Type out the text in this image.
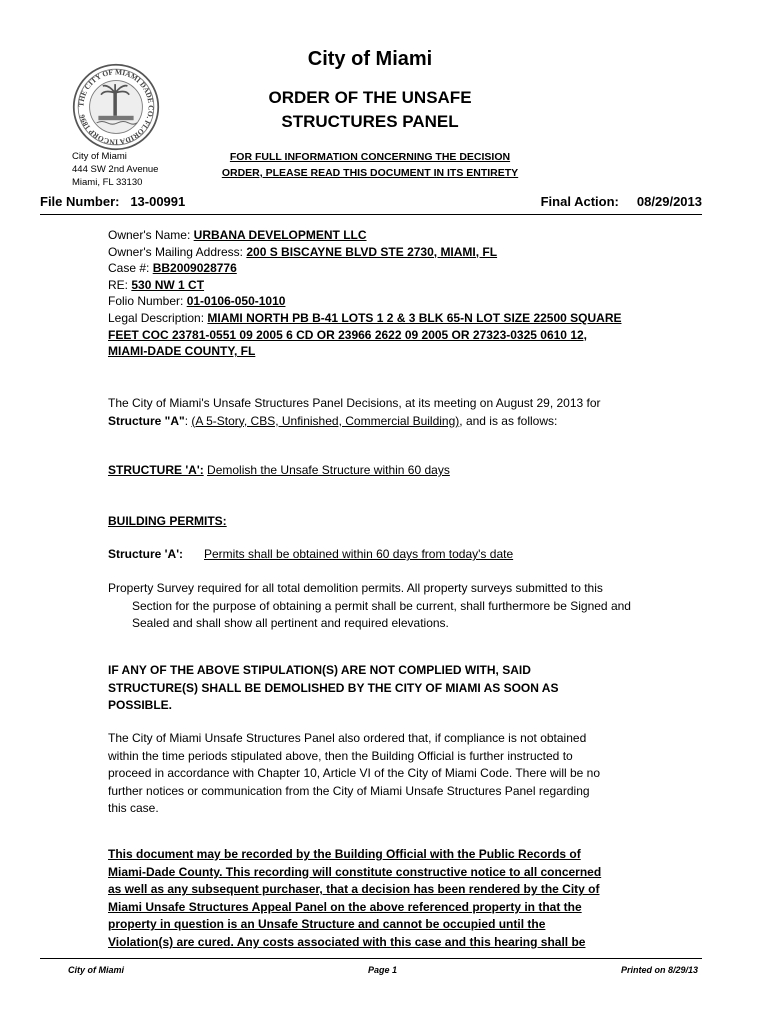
THE CITY OF MIAMI DADE CO. FLORIDA INCORP 1896
City of Miami
ORDER OF THE UNSAFE
STRUCTURES PANEL
City of Miami
444 SW 2nd Avenue
Miami, FL 33130
FOR FULL INFORMATION CONCERNING THE DECISION
ORDER, PLEASE READ THIS DOCUMENT IN ITS ENTIRETY
File Number: 13-00991	Final Action: 08/29/2013
Owner's Name: URBANA DEVELOPMENT LLC
Owner's Mailing Address: 200 S BISCAYNE BLVD STE 2730, MIAMI, FL
Case #: BB2009028776
RE: 530 NW 1 CT
Folio Number: 01-0106-050-1010
Legal Description: MIAMI NORTH PB B-41 LOTS 1 2 & 3 BLK 65-N LOT SIZE 22500 SQUARE
FEET COC 23781-0551 09 2005 6 CD OR 23966 2622 09 2005 OR 27323-0325 0610 12,
MIAMI-DADE COUNTY, FL
The City of Miami's Unsafe Structures Panel Decisions, at its meeting on August 29, 2013 for
Structure "A": (A 5-Story, CBS, Unfinished, Commercial Building), and is as follows:
STRUCTURE 'A': Demolish the Unsafe Structure within 60 days
BUILDING PERMITS:
Structure 'A': Permits shall be obtained within 60 days from today's date
Property Survey required for all total demolition permits. All property surveys submitted to this
Section for the purpose of obtaining a permit shall be current, shall furthermore be Signed and
Sealed and shall show all pertinent and required elevations.
IF ANY OF THE ABOVE STIPULATION(S) ARE NOT COMPLIED WITH, SAID
STRUCTURE(S) SHALL BE DEMOLISHED BY THE CITY OF MIAMI AS SOON AS
POSSIBLE.
The City of Miami Unsafe Structures Panel also ordered that, if compliance is not obtained
within the time periods stipulated above, then the Building Official is further instructed to
proceed in accordance with Chapter 10, Article VI of the City of Miami Code. There will be no
further notices or communication from the City of Miami Unsafe Structures Panel regarding
this case.
This document may be recorded by the Building Official with the Public Records of
Miami-Dade County. This recording will constitute constructive notice to all concerned
as well as any subsequent purchaser, that a decision has been rendered by the City of
Miami Unsafe Structures Appeal Panel on the above referenced property in that the
property in question is an Unsafe Structure and cannot be occupied until the
Violation(s) are cured. Any costs associated with this case and this hearing shall be
City of Miami	Page 1	Printed on 8/29/13
